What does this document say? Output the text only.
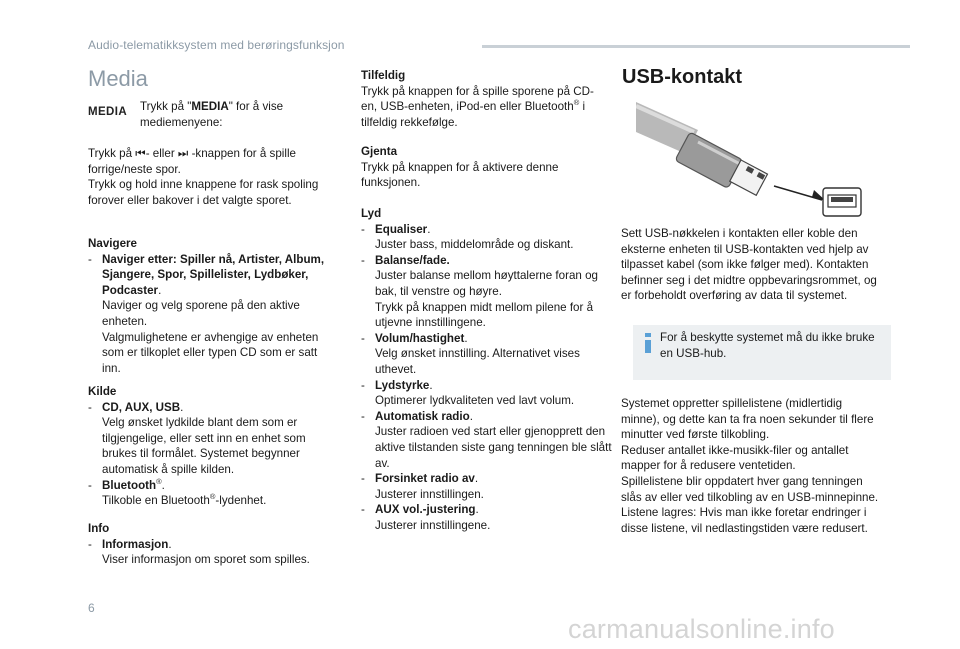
Audio-telematikksystem med berøringsfunksjon
Media
MEDIA Trykk på "MEDIA" for å vise mediemenyene:

Trykk på ⏮- eller ⏭ -knappen for å spille forrige/neste spor.

Trykk og hold inne knappene for rask spoling forover eller bakover i det valgte sporet.

Navigere
- Naviger etter: Spiller nå, Artister, Album, Sjangere, Spor, Spillelister, Lydbøker, Podcaster.
Naviger og velg sporene på den aktive enheten.
Valgmulighetene er avhengige av enheten som er tilkoplet eller typen CD som er satt inn.
Kilde
- CD, AUX, USB.
Velg ønsket lydkilde blant dem som er tilgjengelige, eller sett inn en enhet som brukes til formålet. Systemet begynner automatisk å spille kilden.
- Bluetooth®.
Tilkoble en Bluetooth®-lydenhet.
Info
- Informasjon.
Viser informasjon om sporet som spilles.
Tilfeldig

Trykk på knappen for å spille sporene på CD-en, USB-enheten, iPod-en eller Bluetooth® i tilfeldig rekkefølge.

Gjenta

Trykk på knappen for å aktivere denne funksjonen.

Lyd
- Equaliser.
Juster bass, middelområde og diskant.
- Balanse/fade.
Juster balanse mellom høyttalerne foran og bak, til venstre og høyre.
Trykk på knappen midt mellom pilene for å utjevne innstillingene.
- Volum/hastighet.
Velg ønsket innstilling. Alternativet vises uthevet.
- Lydstyrke.
Optimerer lydkvaliteten ved lavt volum.
- Automatisk radio.
Juster radioen ved start eller gjenopprett den aktive tilstanden siste gang tenningen ble slått av.
- Forsinket radio av.
Justerer innstillingen.
- AUX vol.-justering.
Justerer innstillingene.
USB-kontakt
Sett USB-nøkkelen i kontakten eller koble den eksterne enheten til USB-kontakten ved hjelp av tilpasset kabel (som ikke følger med). Kontakten befinner seg i det midtre oppbevaringsrommet, og er forbeholdt overføring av data til systemet.
For å beskytte systemet må du ikke bruke en USB-hub.

Systemet oppretter spillelistene (midlertidig minne), og dette kan ta fra noen sekunder til flere minutter ved første tilkobling.

Reduser antallet ikke-musikk-filer og antallet mapper for å redusere ventetiden.

Spillelistene blir oppdatert hver gang tenningen slås av eller ved tilkobling av en USB-minnepinne. Listene lagres: Hvis man ikke foretar endringer i disse listene, vil nedlastingstiden være redusert.

6
carmanualsonline.info
